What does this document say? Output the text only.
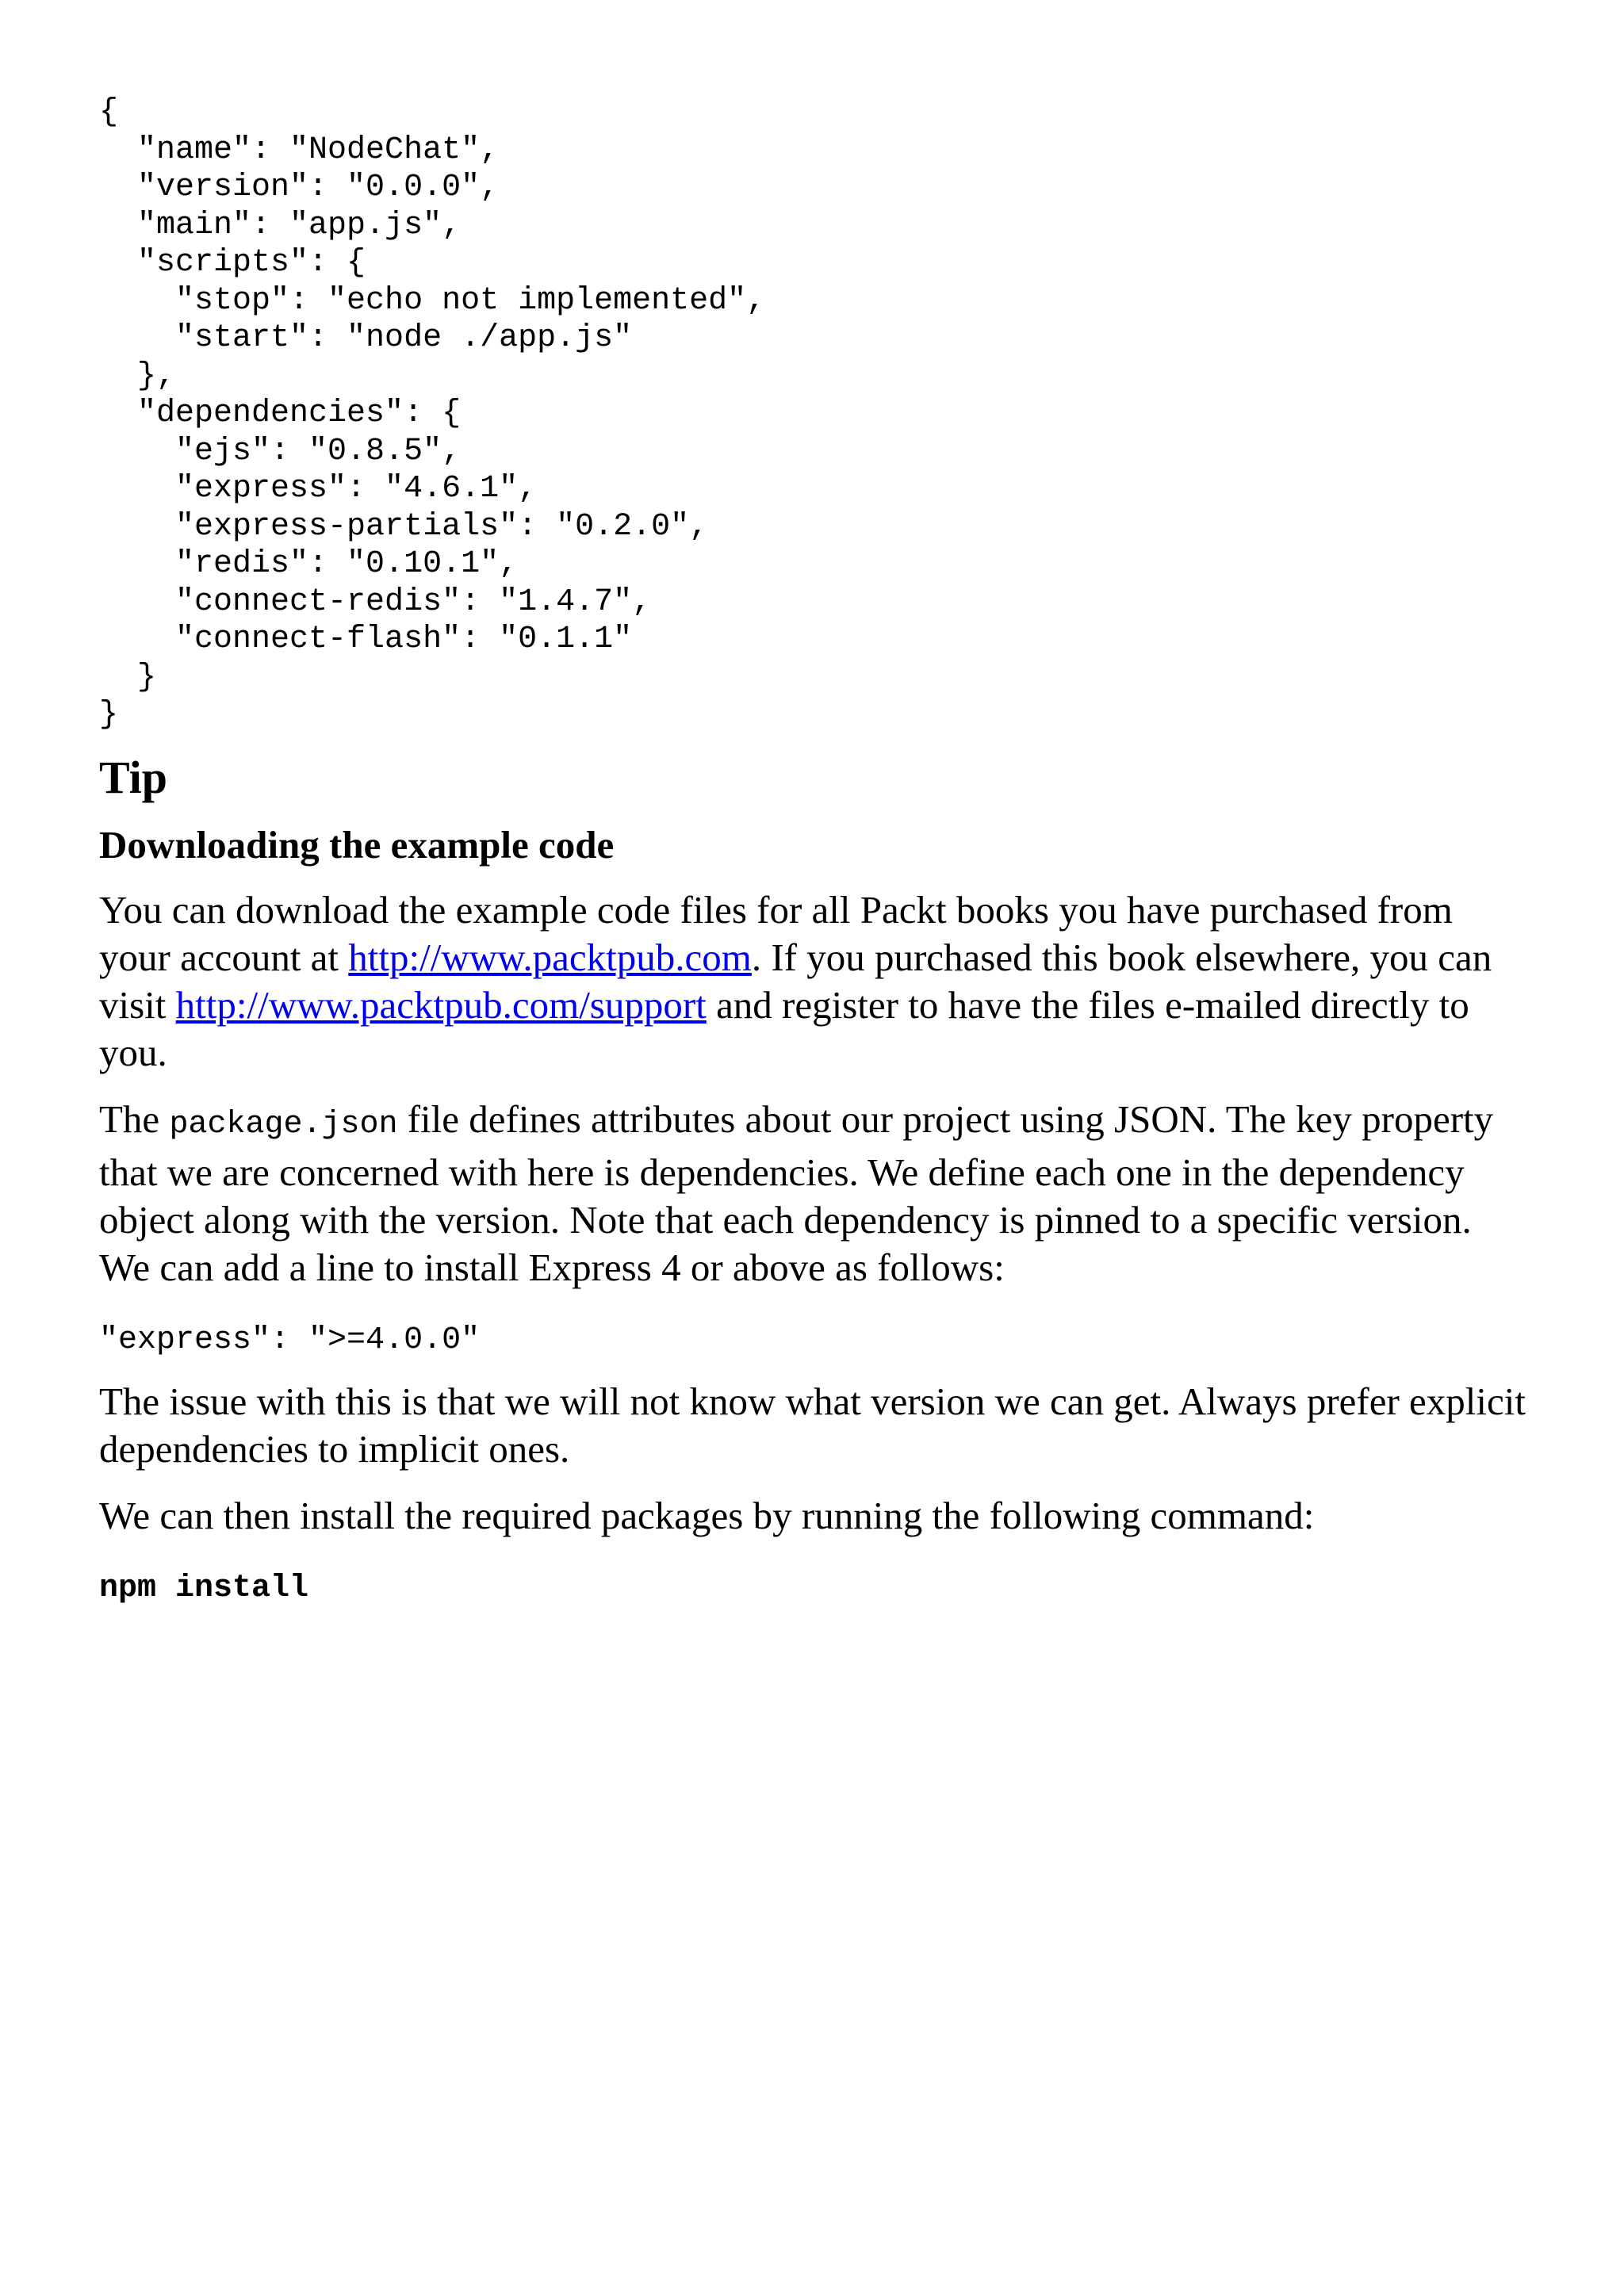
{
"name": "NodeChat",
"version": "0.0.0",
"main": "app.js",
"scripts": {
"stop": "echo not implemented",
"start": "node ./app.js"
},
"dependencies": {
"ejs": "0.8.5",
"express": "4.6.1",
"express-partials": "0.2.0",
"redis": "0.10.1",
"connect-redis": "1.4.7",
"connect-flash": "0.1.1"
}
}
Tip
Downloading the example code

You can download the example code files for all Packt books you have purchased from your account at http://www.packtpub.com. If you purchased this book elsewhere, you can visit http://www.packtpub.com/support and register to have the files e-mailed directly to you.

The package.json file defines attributes about our project using JSON. The key property that we are concerned with here is dependencies. We define each one in the dependency object along with the version. Note that each dependency is pinned to a specific version. We can add a line to install Express 4 or above as follows:

"express": ">=4.0.0"

The issue with this is that we will not know what version we can get. Always prefer explicit dependencies to implicit ones.

We can then install the required packages by running the following command:

npm install
